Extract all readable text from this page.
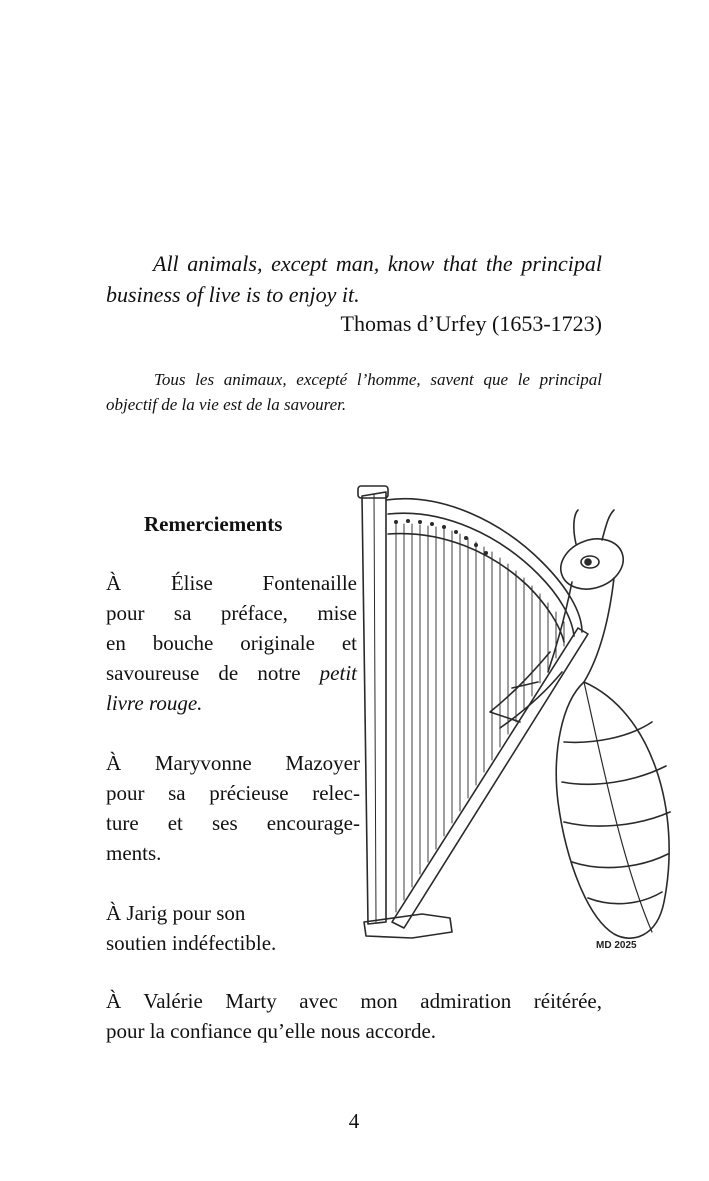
All animals, except man, know that the principal business of live is to enjoy it.

Thomas d’Urfey (1653-1723)

Tous les animaux, excepté l’homme, savent que le principal objectif de la vie est de la savourer.

Remerciements
À Élise Fontenaille
pour sa préface, mise
en bouche originale et
savoureuse de notre petit
livre rouge.
À Maryvonne Mazoyer
pour sa précieuse relec-
ture et ses encourage-
ments.
À Jarig pour son
soutien indéfectible.
À Valérie Marty avec mon admiration réitérée,
pour la confiance qu’elle nous accorde.
MD 2025

4
